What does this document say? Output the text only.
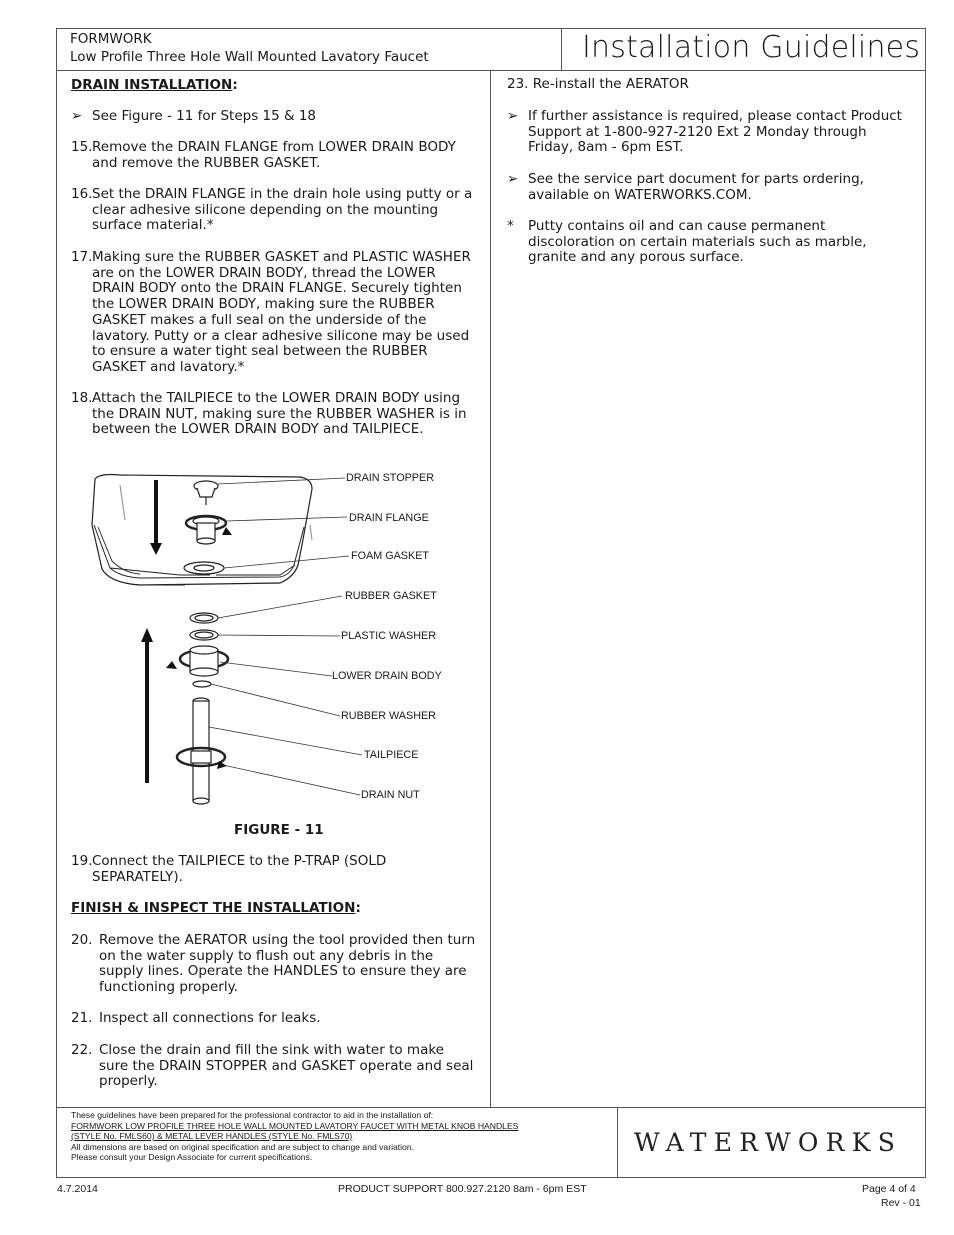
FORMWORK
Low Profile Three Hole Wall Mounted Lavatory Faucet	Installation Guidelines
DRAIN INSTALLATION:
➢ See Figure - 11 for Steps 15 & 18
15. Remove the DRAIN FLANGE from LOWER DRAIN BODY and remove the RUBBER GASKET.
16. Set the DRAIN FLANGE in the drain hole using putty or a clear adhesive silicone depending on the mounting surface material.*
17. Making sure the RUBBER GASKET and PLASTIC WASHER are on the LOWER DRAIN BODY, thread the LOWER DRAIN BODY onto the DRAIN FLANGE. Securely tighten the LOWER DRAIN BODY, making sure the RUBBER GASKET makes a full seal on the underside of the lavatory. Putty or a clear adhesive silicone may be used to ensure a water tight seal between the RUBBER GASKET and lavatory.*
18. Attach the TAILPIECE to the LOWER DRAIN BODY using the DRAIN NUT, making sure the RUBBER WASHER is in between the LOWER DRAIN BODY and TAILPIECE.
DRAIN STOPPER
DRAIN FLANGE
FOAM GASKET
RUBBER GASKET
PLASTIC WASHER
LOWER DRAIN BODY
RUBBER WASHER
TAILPIECE
DRAIN NUT
FIGURE - 11
19. Connect the TAILPIECE to the P-TRAP (SOLD SEPARATELY).
FINISH & INSPECT THE INSTALLATION:
20. Remove the AERATOR using the tool provided then turn on the water supply to flush out any debris in the supply lines. Operate the HANDLES to ensure they are functioning properly.
21. Inspect all connections for leaks.
22. Close the drain and fill the sink with water to make sure the DRAIN STOPPER and GASKET operate and seal properly.
23. Re-install the AERATOR
➢ If further assistance is required, please contact Product Support at 1-800-927-2120 Ext 2 Monday through Friday, 8am - 6pm EST.
➢ See the service part document for parts ordering, available on WATERWORKS.COM.
* Putty contains oil and can cause permanent discoloration on certain materials such as marble, granite and any porous surface.
These guidelines have been prepared for the professional contractor to aid in the installation of:
FORMWORK LOW PROFILE THREE HOLE WALL MOUNTED LAVATORY FAUCET WITH METAL KNOB HANDLES
(STYLE No. FMLS60) & METAL LEVER HANDLES (STYLE No. FMLS70)
All dimensions are based on original specification and are subject to change and variation.
Please consult your Design Associate for current specifications.
WATERWORKS
4.7.2014	PRODUCT SUPPORT 800.927.2120 8am - 6pm EST	Page 4 of 4
Rev - 01
